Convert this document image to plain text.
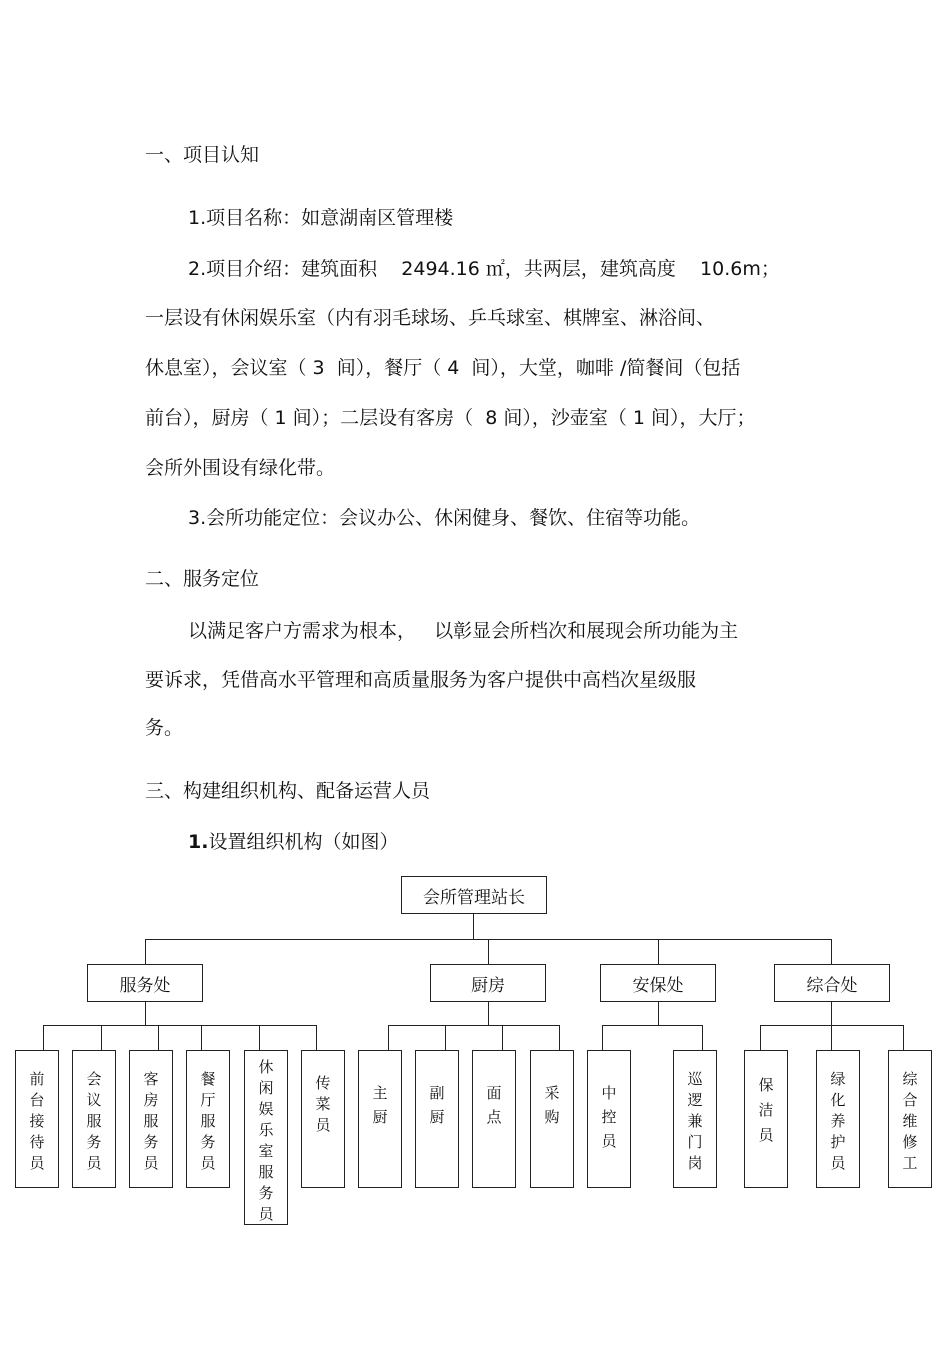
一、项目认知
1.项目名称：如意湖南区管理楼
2.项目介绍：建筑面积    2494.16 ㎡，共两层，建筑高度    10.6m；
一层设有休闲娱乐室（内有羽毛球场、乒乓球室、棋牌室、淋浴间、
休息室），会议室（ 3  间），餐厅（ 4  间），大堂，咖啡 /简餐间（包括
前台），厨房（ 1 间）；二层设有客房（  8 间），沙壶室（ 1 间），大厅；
会所外围设有绿化带。
3.会所功能定位：会议办公、休闲健身、餐饮、住宿等功能。
二、服务定位
以满足客户方需求为根本，   以彰显会所档次和展现会所功能为主
要诉求，凭借高水平管理和高质量服务为客户提供中高档次星级服
务。
三、构建组织机构、配备运营人员
1.设置组织机构（如图）
会所管理站长
服务处	厨房	安保处	综合处
前台接待员
会议服务员
客房服务员
餐厅服务员
休闲娱乐室服务员
传菜员
主厨
副厨
面点
采购
中控员
巡逻兼门岗
保洁员
绿化养护员
综合维修工
